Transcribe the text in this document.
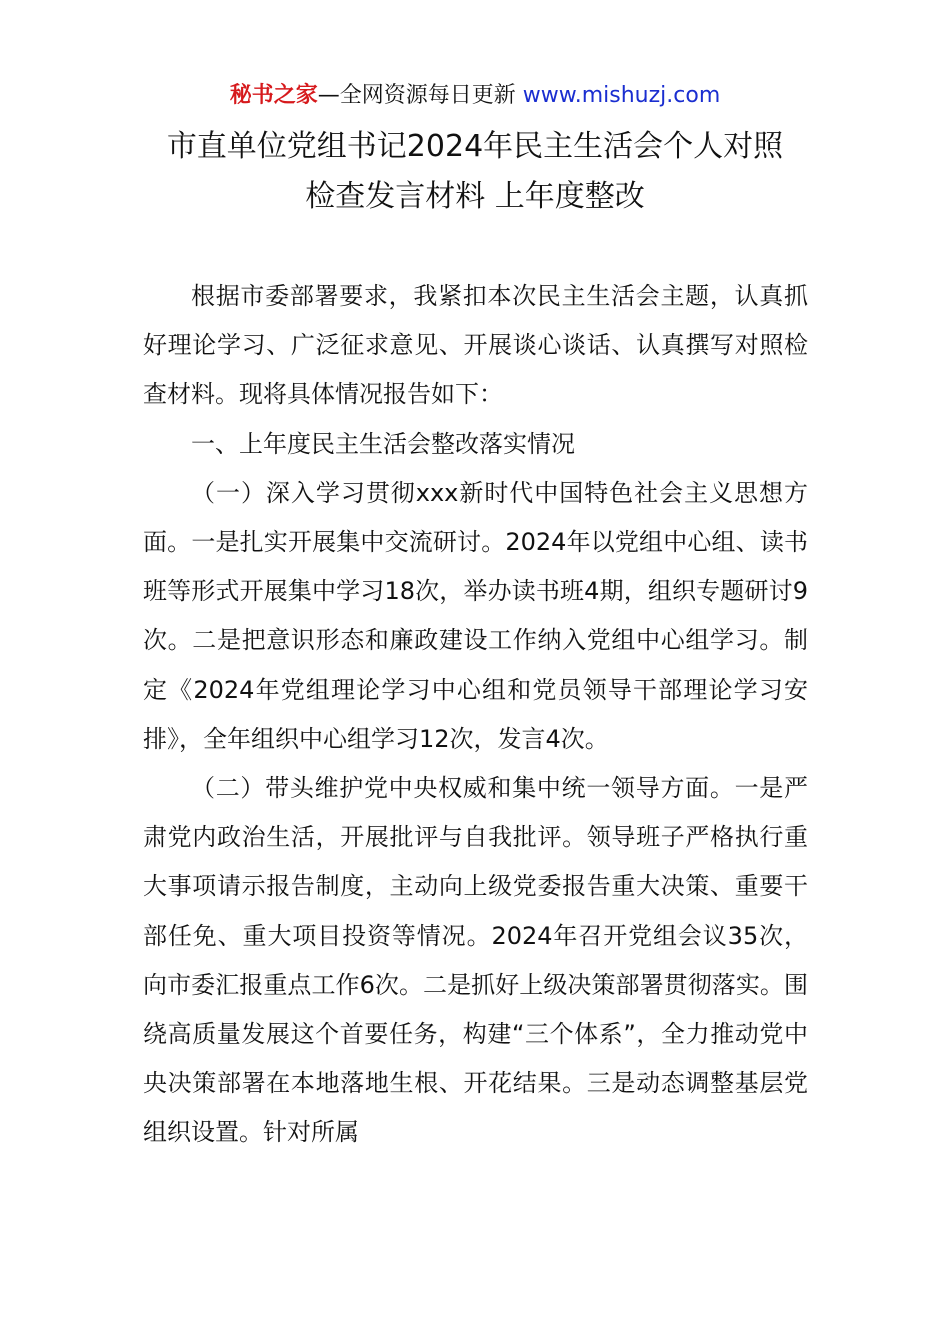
秘书之家—全网资源每日更新 www.mishuzj.com
市直单位党组书记2024年民主生活会个人对照
检查发言材料 上年度整改

根据市委部署要求，我紧扣本次民主生活会主题，认真抓好理论学习、广泛征求意见、开展谈心谈话、认真撰写对照检查材料。现将具体情况报告如下：

一、上年度民主生活会整改落实情况

（一）深入学习贯彻xxx新时代中国特色社会主义思想方面。一是扎实开展集中交流研讨。2024年以党组中心组、读书班等形式开展集中学习18次，举办读书班4期，组织专题研讨9次。二是把意识形态和廉政建设工作纳入党组中心组学习。制定《2024年党组理论学习中心组和党员领导干部理论学习安排》，全年组织中心组学习12次，发言4次。

（二）带头维护党中央权威和集中统一领导方面。一是严肃党内政治生活，开展批评与自我批评。领导班子严格执行重大事项请示报告制度，主动向上级党委报告重大决策、重要干部任免、重大项目投资等情况。2024年召开党组会议35次，向市委汇报重点工作6次。二是抓好上级决策部署贯彻落实。围绕高质量发展这个首要任务，构建“三个体系”，全力推动党中央决策部署在本地落地生根、开花结果。三是动态调整基层党组织设置。针对所属
